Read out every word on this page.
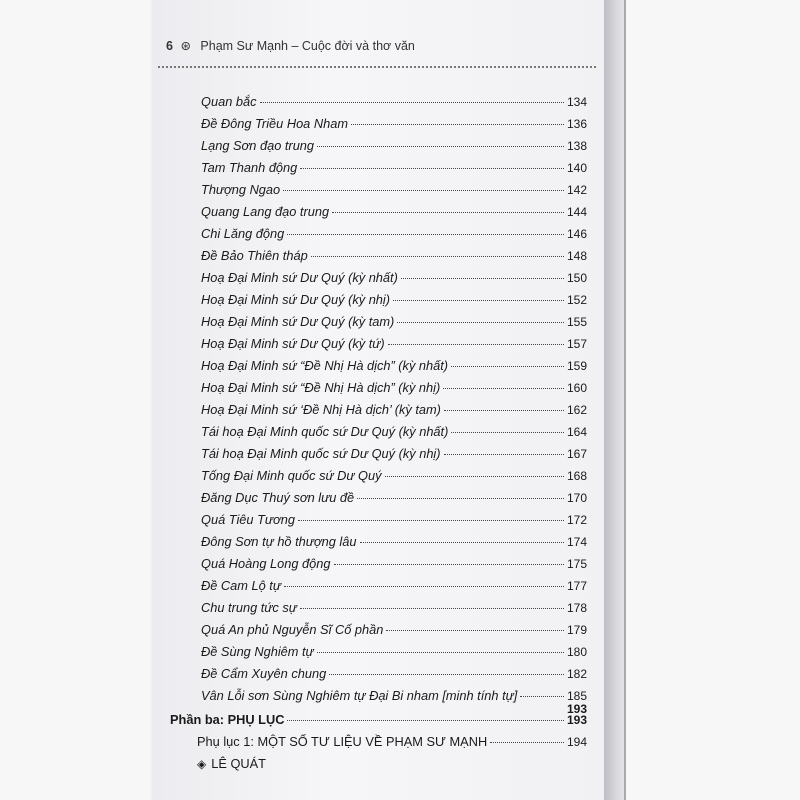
6 ⊛ Phạm Sư Mạnh – Cuộc đời và thơ văn
Quan bắc	134
Đề Đông Triều Hoa Nham	136
Lạng Sơn đạo trung	138
Tam Thanh động	140
Thượng Ngao	142
Quang Lang đạo trung	144
Chi Lăng động	146
Đề Bảo Thiên tháp	148
Hoạ Đại Minh sứ Dư Quý (kỳ nhất)	150
Hoạ Đại Minh sứ Dư Quý (kỳ nhị)	152
Hoạ Đại Minh sứ Dư Quý (kỳ tam)	155
Hoạ Đại Minh sứ Dư Quý (kỳ tứ)	157
Hoạ Đại Minh sứ “Đề Nhị Hà dịch” (kỳ nhất)	159
Hoạ Đại Minh sứ “Đề Nhị Hà dịch” (kỳ nhị)	160
Hoạ Đại Minh sứ ‘Đề Nhị Hà dịch’ (kỳ tam)	162
Tái hoạ Đại Minh quốc sứ Dư Quý (kỳ nhất)	164
Tái hoạ Đại Minh quốc sứ Dư Quý (kỳ nhị)	167
Tống Đại Minh quốc sứ Dư Quý	168
Đăng Dục Thuý sơn lưu đề	170
Quá Tiêu Tương	172
Đông Sơn tự hồ thượng lâu	174
Quá Hoàng Long động	175
Đề Cam Lộ tự	177
Chu trung tức sự	178
Quá An phủ Nguyễn Sĩ Cố phần	179
Đề Sùng Nghiêm tự	180
Đề Cẩm Xuyên chung	182
Vân Lỗi sơn Sùng Nghiêm tự Đại Bi nham [minh tính tự]	185
193
Phần ba: PHỤ LỤC	193
Phụ lục 1: MỘT SỐ TƯ LIỆU VỀ PHẠM SƯ MẠNH	194
◈ LÊ QUÁT
